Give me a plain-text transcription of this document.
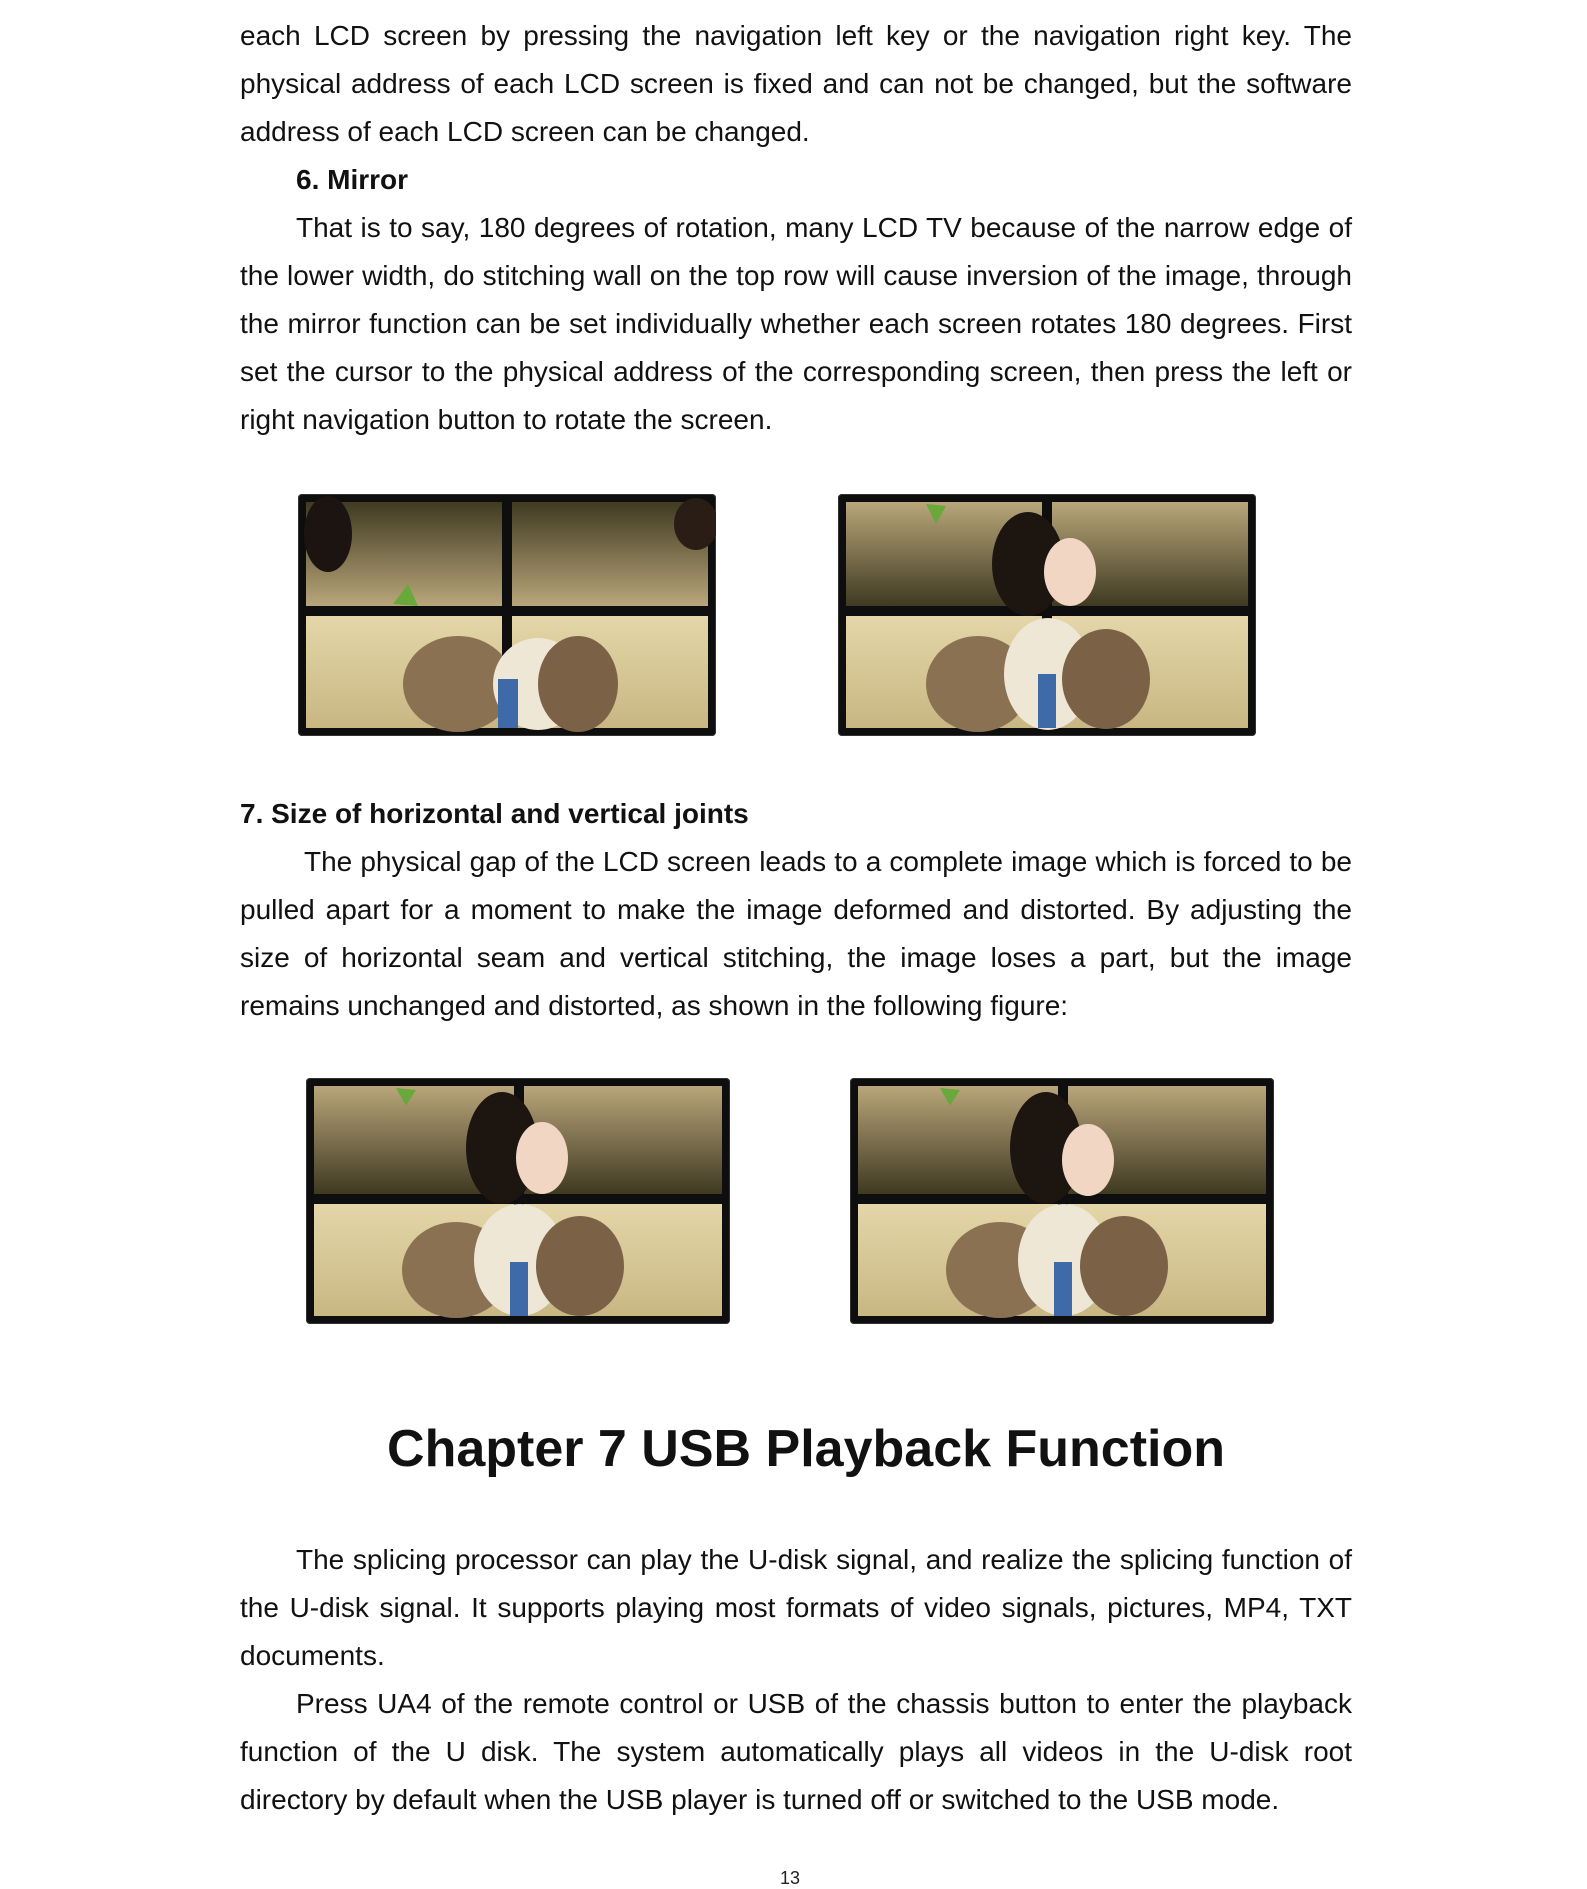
each LCD screen by pressing the navigation left key or the navigation right key. The physical address of each LCD screen is fixed and can not be changed, but the software address of each LCD screen can be changed.

6. Mirror

That is to say, 180 degrees of rotation, many LCD TV because of the narrow edge of the lower width, do stitching wall on the top row will cause inversion of the image, through the mirror function can be set individually whether each screen rotates 180 degrees. First set the cursor to the physical address of the corresponding screen, then press the left or right navigation button to rotate the screen.

7. Size of horizontal and vertical joints

The physical gap of the LCD screen leads to a complete image which is forced to be pulled apart for a moment to make the image deformed and distorted. By adjusting the size of horizontal seam and vertical stitching, the image loses a part, but the image remains unchanged and distorted, as shown in the following figure:

Chapter 7 USB Playback Function

The splicing processor can play the U-disk signal, and realize the splicing function of the U-disk signal. It supports playing most formats of video signals, pictures, MP4, TXT documents.

Press UA4 of the remote control or USB of the chassis button to enter the playback function of the U disk. The system automatically plays all videos in the U-disk root directory by default when the USB player is turned off or switched to the USB mode.

13
